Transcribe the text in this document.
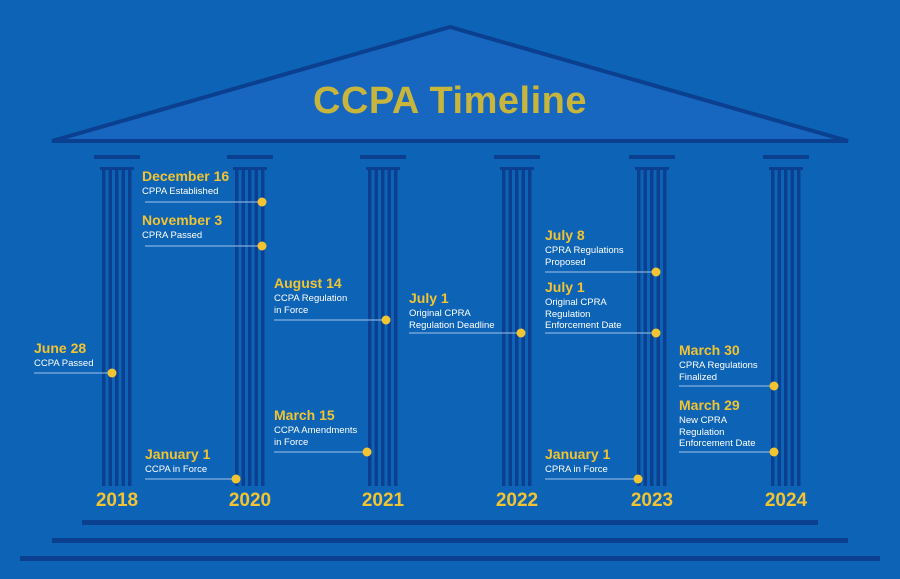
CCPA Timeline
2018	2020	2021	2022	2023	2024
June 28
CCPA Passed
December 16
CPPA Established
November 3
CPRA Passed
January 1
CCPA in Force
August 14
CCPA Regulation in Force
March 15
CCPA Amendments in Force
July 1
Original CPRA Regulation Deadline
July 8
CPRA Regulations Proposed
July 1
Original CPRA Regulation Enforcement Date
January 1
CPRA in Force
March 30
CPRA Regulations Finalized
March 29
New CPRA Regulation Enforcement Date
